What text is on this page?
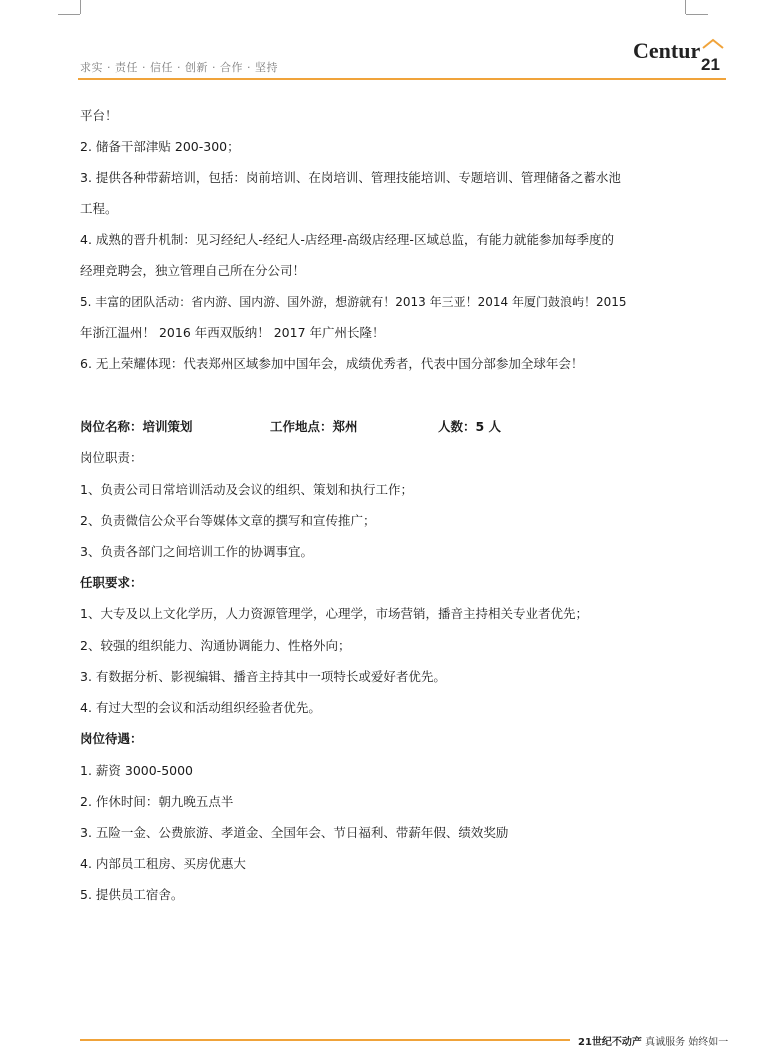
求实 · 责任 · 信任 · 创新 · 合作 · 坚持
Centur
21
平台！
2. 储备干部津贴 200-300；
3. 提供各种带薪培训，包括：岗前培训、在岗培训、管理技能培训、专题培训、管理储备之蓄水池
工程。
4. 成熟的晋升机制：见习经纪人-经纪人-店经理-高级店经理-区域总监，有能力就能参加每季度的
经理竞聘会，独立管理自己所在分公司！
5. 丰富的团队活动：省内游、国内游、国外游，想游就有！2013 年三亚！2014 年厦门鼓浪屿！2015
年浙江温州！ 2016 年西双版纳！ 2017 年广州长隆！
6. 无上荣耀体现：代表郑州区域参加中国年会，成绩优秀者，代表中国分部参加全球年会！
岗位名称：培训策划	工作地点：郑州	人数：5 人
岗位职责：
1、负责公司日常培训活动及会议的组织、策划和执行工作；
2、负责微信公众平台等媒体文章的撰写和宣传推广；
3、负责各部门之间培训工作的协调事宜。
任职要求：
1、大专及以上文化学历，人力资源管理学，心理学，市场营销，播音主持相关专业者优先；
2、较强的组织能力、沟通协调能力、性格外向；
3. 有数据分析、影视编辑、播音主持其中一项特长或爱好者优先。
4. 有过大型的会议和活动组织经验者优先。
岗位待遇：
1. 薪资 3000-5000
2. 作休时间：朝九晚五点半
3. 五险一金、公费旅游、孝道金、全国年会、节日福利、带薪年假、绩效奖励
4. 内部员工租房、买房优惠大
5. 提供员工宿舍。
21世纪不动产 真诚服务 始终如一
